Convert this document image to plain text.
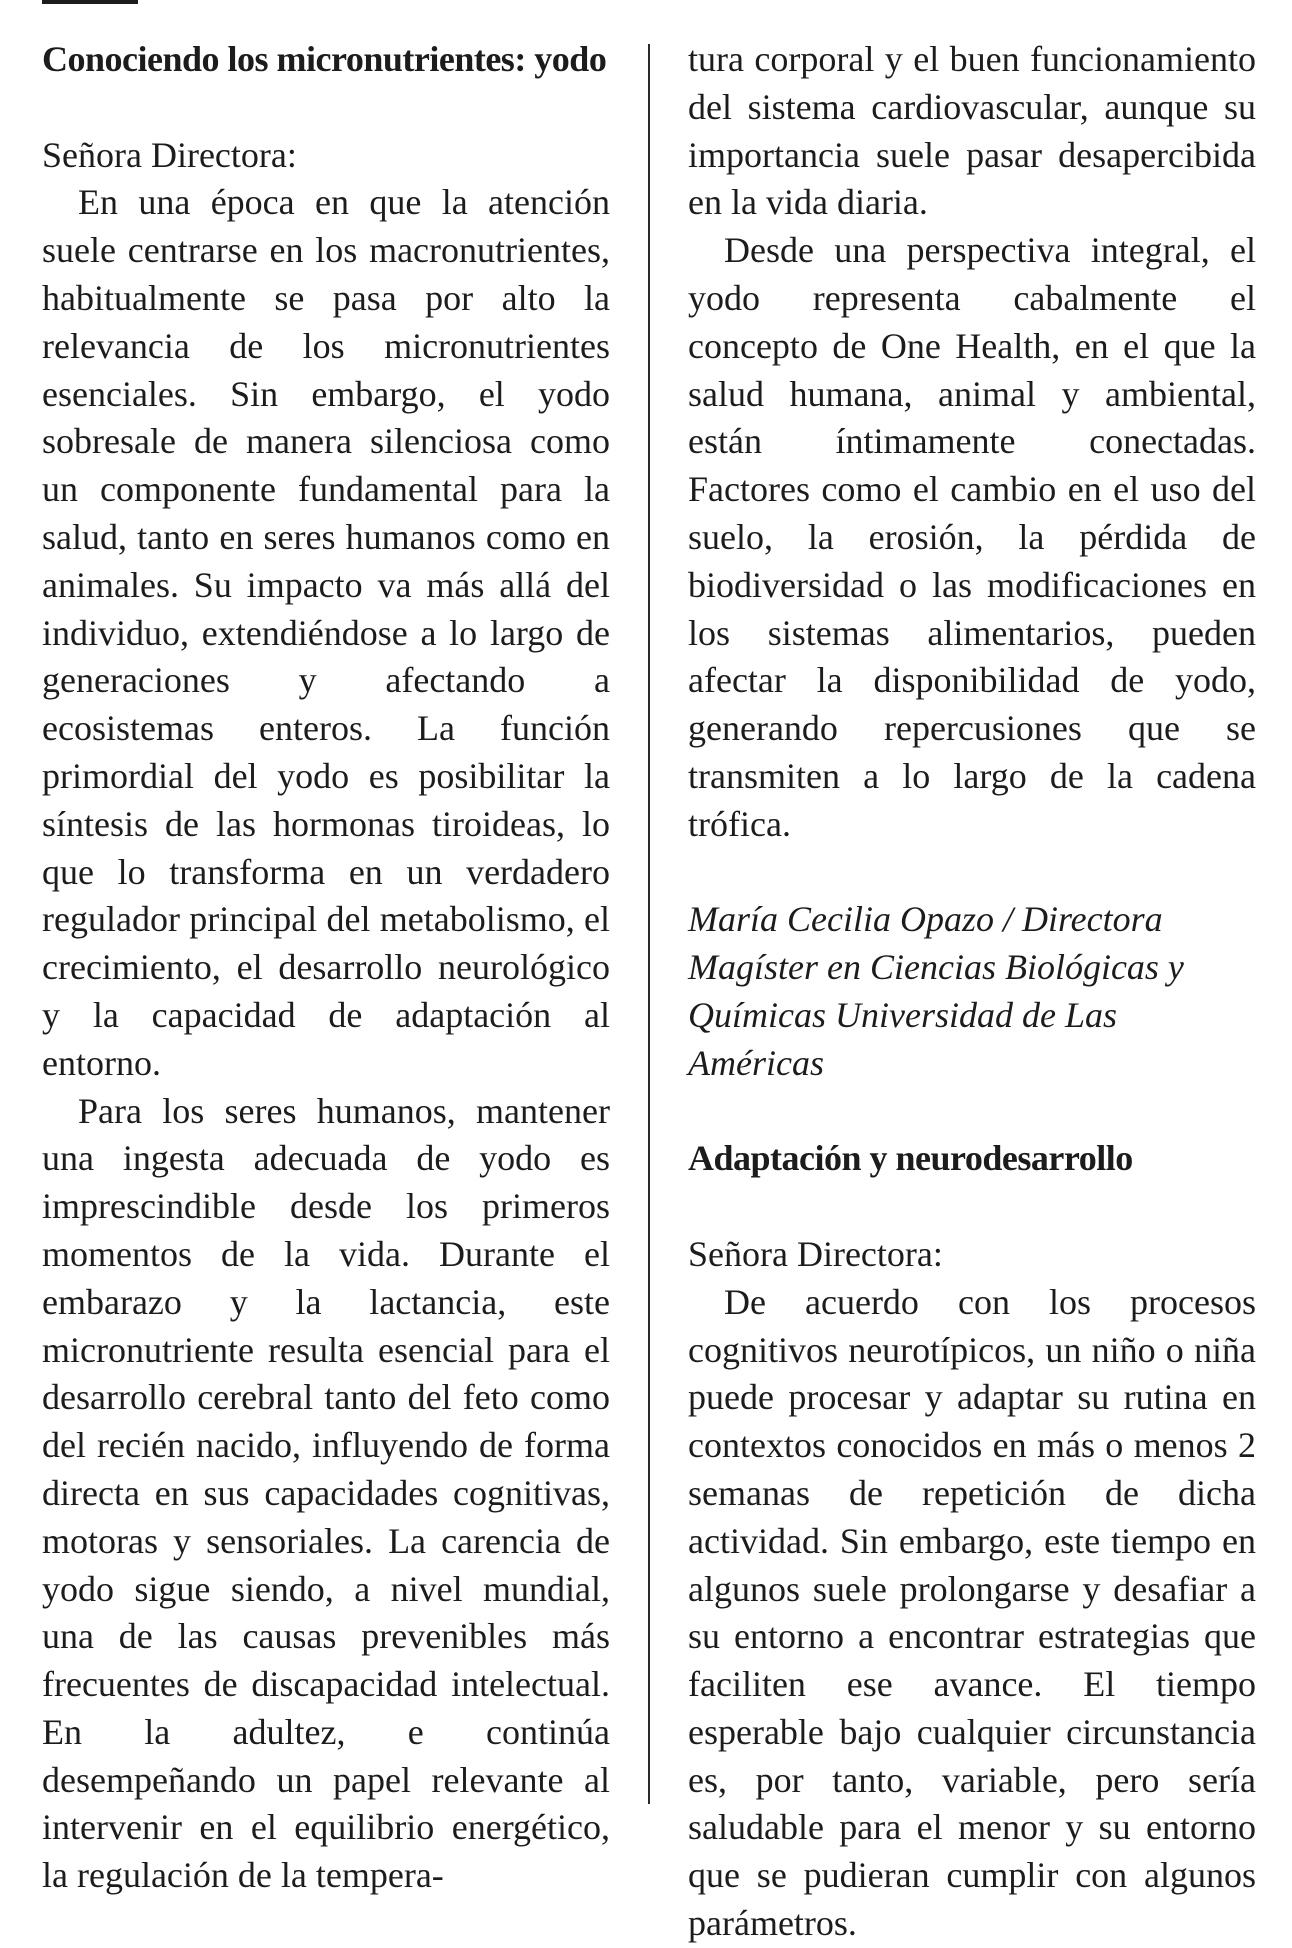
Conociendo los micronutrientes: yodo

Señora Directora:

En una época en que la atención suele centrarse en los macronutrientes, habitualmente se pasa por alto la relevancia de los micronutrientes esenciales. Sin embargo, el yodo sobresale de manera silenciosa como un componente fundamental para la salud, tanto en seres humanos como en animales. Su impacto va más allá del individuo, extendiéndose a lo largo de generaciones y afectando a ecosistemas enteros. La función primordial del yodo es posibilitar la síntesis de las hormonas tiroideas, lo que lo transforma en un verdadero regulador principal del metabolismo, el crecimiento, el desarrollo neurológico y la capacidad de adaptación al entorno.

Para los seres humanos, mantener una ingesta adecuada de yodo es imprescindible desde los primeros momentos de la vida. Durante el embarazo y la lactancia, este micronutriente resulta esencial para el desarrollo cerebral tanto del feto como del recién nacido, influyendo de forma directa en sus capacidades cognitivas, motoras y sensoriales. La carencia de yodo sigue siendo, a nivel mundial, una de las causas prevenibles más frecuentes de discapacidad intelectual. En la adultez, e continúa desempeñando un papel relevante al intervenir en el equilibrio energético, la regulación de la tempera-

tura corporal y el buen funcionamiento del sistema cardiovascular, aunque su importancia suele pasar desapercibida en la vida diaria.

Desde una perspectiva integral, el yodo representa cabalmente el concepto de One Health, en el que la salud humana, animal y ambiental, están íntimamente conectadas. Factores como el cambio en el uso del suelo, la erosión, la pérdida de biodiversidad o las modificaciones en los sistemas alimentarios, pueden afectar la disponibilidad de yodo, generando repercusiones que se transmiten a lo largo de la cadena trófica.

María Cecilia Opazo / Directora Magíster en Ciencias Biológicas y Químicas Universidad de Las Américas

Adaptación y neurodesarrollo

Señora Directora:

De acuerdo con los procesos cognitivos neurotípicos, un niño o niña puede procesar y adaptar su rutina en contextos conocidos en más o menos 2 semanas de repetición de dicha actividad. Sin embargo, este tiempo en algunos suele prolongarse y desafiar a su entorno a encontrar estrategias que faciliten ese avance. El tiempo esperable bajo cualquier circunstancia es, por tanto, variable, pero sería saludable para el menor y su entorno que se pudieran cumplir con algunos parámetros.
